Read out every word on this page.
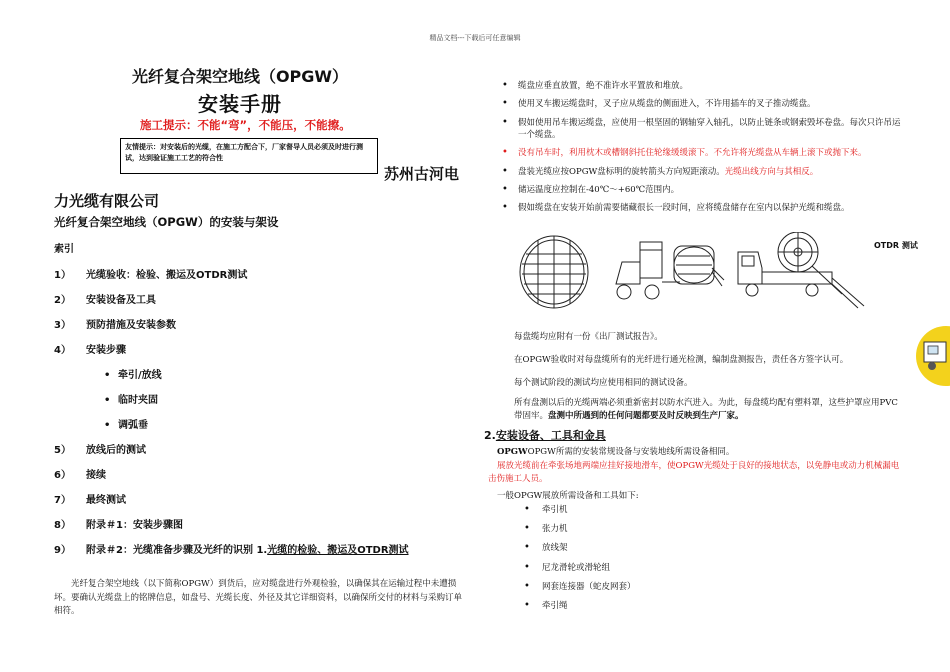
精品文档---下载后可任意编辑
光纤复合架空地线（OPGW）
安装手册
施工提示：不能“弯”，不能压，不能擦。
友情提示：对安装后的光缆，在施工方配合下，厂家督导人员必须及时进行测试，达到验证施工工艺的符合性
苏州古河电
力光缆有限公司
光纤复合架空地线（OPGW）的安装与架设
索引
1） 光缆验收：检验、搬运及OTDR测试
2） 安装设备及工具
3） 预防措施及安装参数
4） 安装步骤
• 牵引/放线
• 临时夹固
• 调弧垂
5） 放线后的测试
6） 接续
7） 最终测试
8） 附录＃1：安装步骤图
9） 附录＃2：光缆准备步骤及光纤的识别 1.光缆的检验、搬运及OTDR测试
光纤复合架空地线（以下简称OPGW）到货后，应对缆盘进行外观检验，以确保其在运输过程中未遭损坏。要确认光缆盘上的铭牌信息，如盘号、光缆长度、外径及其它详细资料，以确保所交付的材料与采购订单相符。
• 缆盘应垂直放置，绝不准许水平置放和堆放。
• 使用叉车搬运缆盘时，叉子应从缆盘的侧面进入，不许用插车的叉子推动缆盘。
• 假如使用吊车搬运缆盘，应使用一根坚固的钢轴穿入轴孔，以防止链条或钢索毁坏卷盘。每次只许吊运一个缆盘。
• 没有吊车时，利用枕木或槽钢斜托住轮缘缓缓滚下。不允许将光缆盘从车辆上滚下或抛下来。
• 盘装光缆应按OPGW盘标明的旋转箭头方向短距滚动。光缆出线方向与其相反。
• 储运温度应控制在-40℃～+60℃范围内。
• 假如缆盘在安装开始前需要储藏很长一段时间，应将缆盘储存在室内以保护光缆和缆盘。
OTDR 测试
每盘缆均应附有一份《出厂测试报告》。
在OPGW验收时对每盘缆所有的光纤进行通光检测，编制盘测报告，责任各方签字认可。
每个测试阶段的测试均应使用相同的测试设备。
所有盘测以后的光缆两端必须重新密封以防水汽进入。为此，每盘缆均配有塑料罩，这些护罩应用PVC带固牢。盘测中所遇到的任何问题都要及时反映到生产厂家。
2.安装设备、工具和金具
OPGWOPGW所需的安装常规设备与安装地线所需设备相同。
展放光缆前在牵张场地两端应挂好接地滑车，使OPGW光缆处于良好的接地状态，以免静电或动力机械漏电击伤施工人员。
一般OPGW展放所需设备和工具如下:
• 牵引机
• 张力机
• 放线架
• 尼龙滑轮或滑轮组
• 网套连接器（蛇皮网套）
• 牵引绳
